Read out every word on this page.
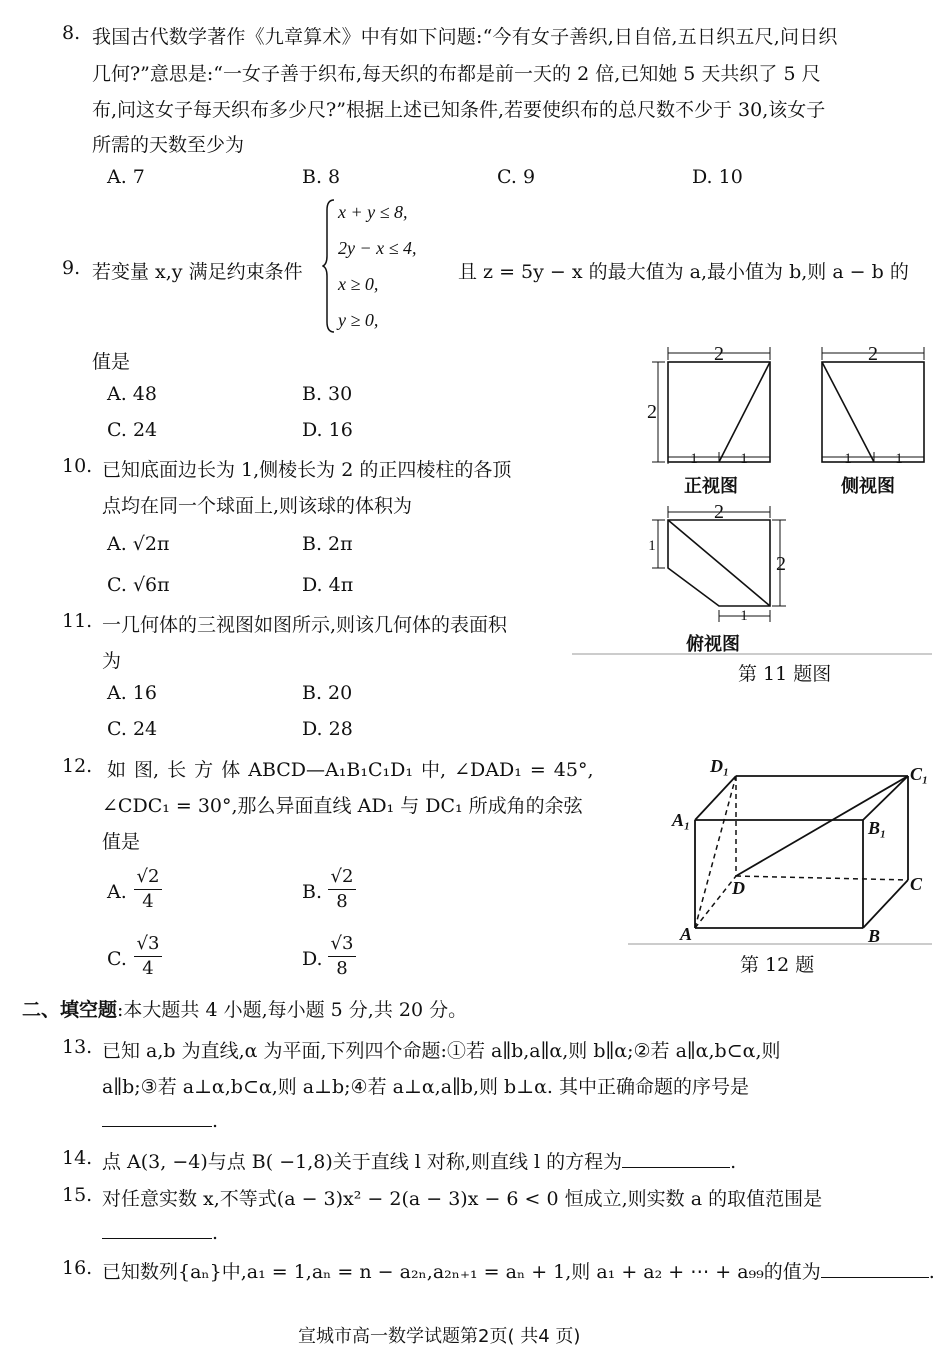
8. 我国古代数学著作《九章算术》中有如下问题:“今有女子善织,日自倍,五日织五尺,问日织
几何?”意思是:“一女子善于织布,每天织的布都是前一天的 2 倍,已知她 5 天共织了 5 尺
布,问这女子每天织布多少尺?”根据上述已知条件,若要使织布的总尺数不少于 30,该女子
所需的天数至少为
A. 7	B. 8	C. 9	D. 10
9. 若变量 x,y 满足约束条件
x + y ≤ 8,
2y − x ≤ 4,
x ≥ 0,
y ≥ 0,
且 z = 5y − x 的最大值为 a,最小值为 b,则 a − b 的
值是
A. 48	B. 30
C. 24	D. 16
10. 已知底面边长为 1,侧棱长为 2 的正四棱柱的各顶
点均在同一个球面上,则该球的体积为
A. √2π	B. 2π
C. √6π	D. 4π
11. 一几何体的三视图如图所示,则该几何体的表面积
为
A. 16	B. 20
C. 24	D. 28
2
2
1	1
2
1	1
2
1
2
1
正视图	侧视图
俯视图
第 11 题图
12. 如 图, 长 方 体 ABCD—A₁B₁C₁D₁ 中, ∠DAD₁ = 45°,
∠CDC₁ = 30°,那么异面直线 AD₁ 与 DC₁ 所成角的余弦
值是
A.
√2
4	B.
√2
8
C.
√3
4	D.
√3
8
D₁	C₁
A₁	B₁
D	C
A	B
第 12 题
二、填空题:本大题共 4 小题,每小题 5 分,共 20 分。
13. 已知 a,b 为直线,α 为平面,下列四个命题:①若 a∥b,a∥α,则 b∥α;②若 a∥α,b⊂α,则
a∥b;③若 a⊥α,b⊂α,则 a⊥b;④若 a⊥α,a∥b,则 b⊥α. 其中正确命题的序号是
.
14. 点 A(3, −4)与点 B( −1,8)关于直线 l 对称,则直线 l 的方程为	.
15. 对任意实数 x,不等式(a − 3)x² − 2(a − 3)x − 6 < 0 恒成立,则实数 a 的取值范围是
.
16. 已知数列{aₙ}中,a₁ = 1,aₙ = n − a₂ₙ,a₂ₙ₊₁ = aₙ + 1,则 a₁ + a₂ + ⋯ + a₉₉的值为	.
宣城市高一数学试题第2页( 共4 页)
